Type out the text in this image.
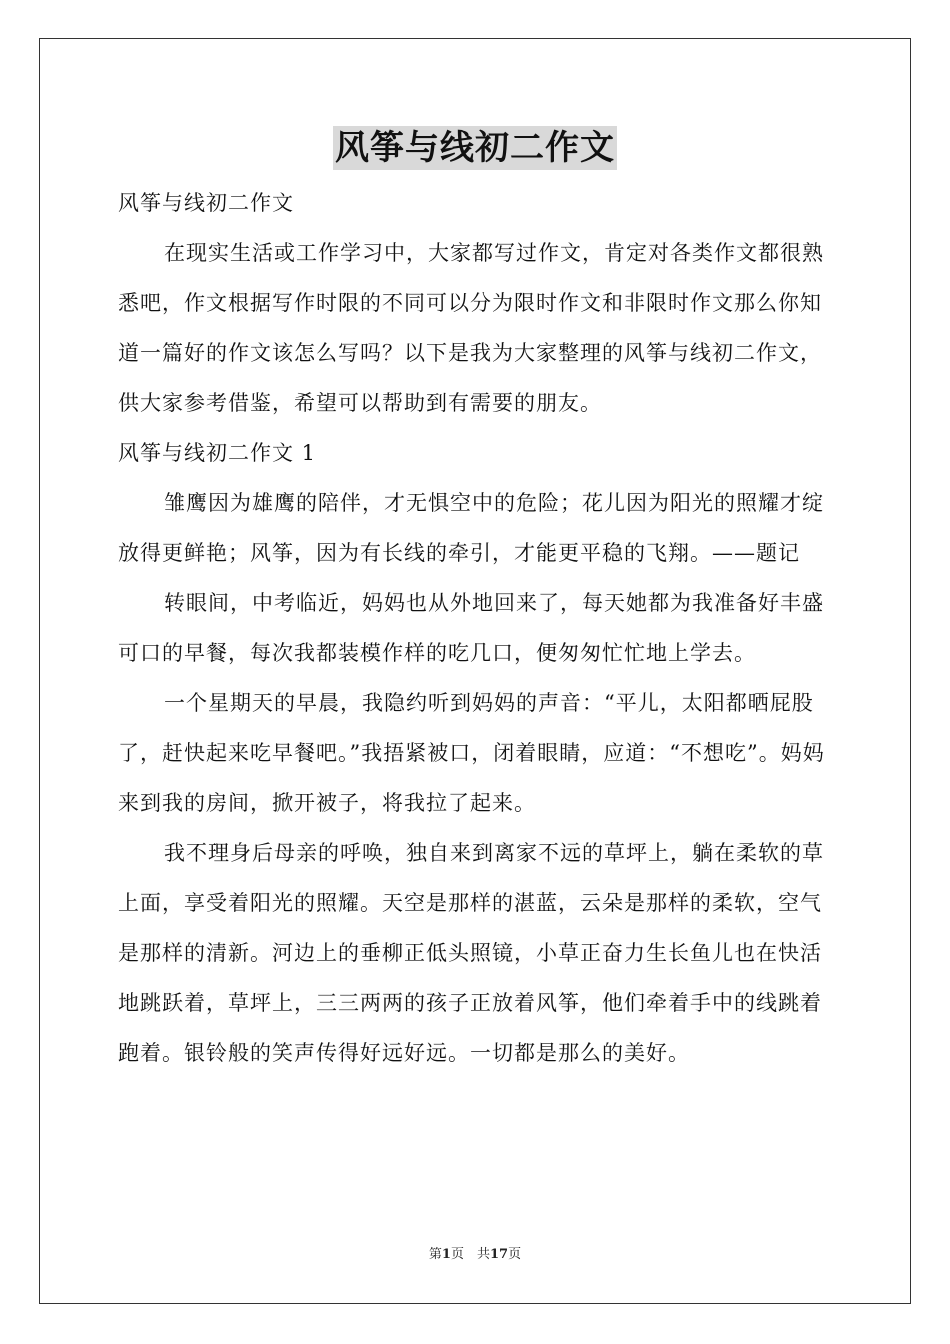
风筝与线初二作文

风筝与线初二作文

在现实生活或工作学习中，大家都写过作文，肯定对各类作文都很熟悉吧，作文根据写作时限的不同可以分为限时作文和非限时作文那么你知道一篇好的作文该怎么写吗？以下是我为大家整理的风筝与线初二作文，供大家参考借鉴，希望可以帮助到有需要的朋友。

风筝与线初二作文 1

雏鹰因为雄鹰的陪伴，才无惧空中的危险；花儿因为阳光的照耀才绽放得更鲜艳；风筝，因为有长线的牵引，才能更平稳的飞翔。——题记

转眼间，中考临近，妈妈也从外地回来了，每天她都为我准备好丰盛可口的早餐，每次我都装模作样的吃几口，便匆匆忙忙地上学去。

一个星期天的早晨，我隐约听到妈妈的声音：“平儿，太阳都晒屁股了，赶快起来吃早餐吧。”我捂紧被口，闭着眼睛，应道：“不想吃”。妈妈来到我的房间，掀开被子，将我拉了起来。

我不理身后母亲的呼唤，独自来到离家不远的草坪上，躺在柔软的草上面，享受着阳光的照耀。天空是那样的湛蓝，云朵是那样的柔软，空气是那样的清新。河边上的垂柳正低头照镜，小草正奋力生长鱼儿也在快活地跳跃着，草坪上，三三两两的孩子正放着风筝，他们牵着手中的线跳着跑着。银铃般的笑声传得好远好远。一切都是那么的美好。

第1页　共17页
